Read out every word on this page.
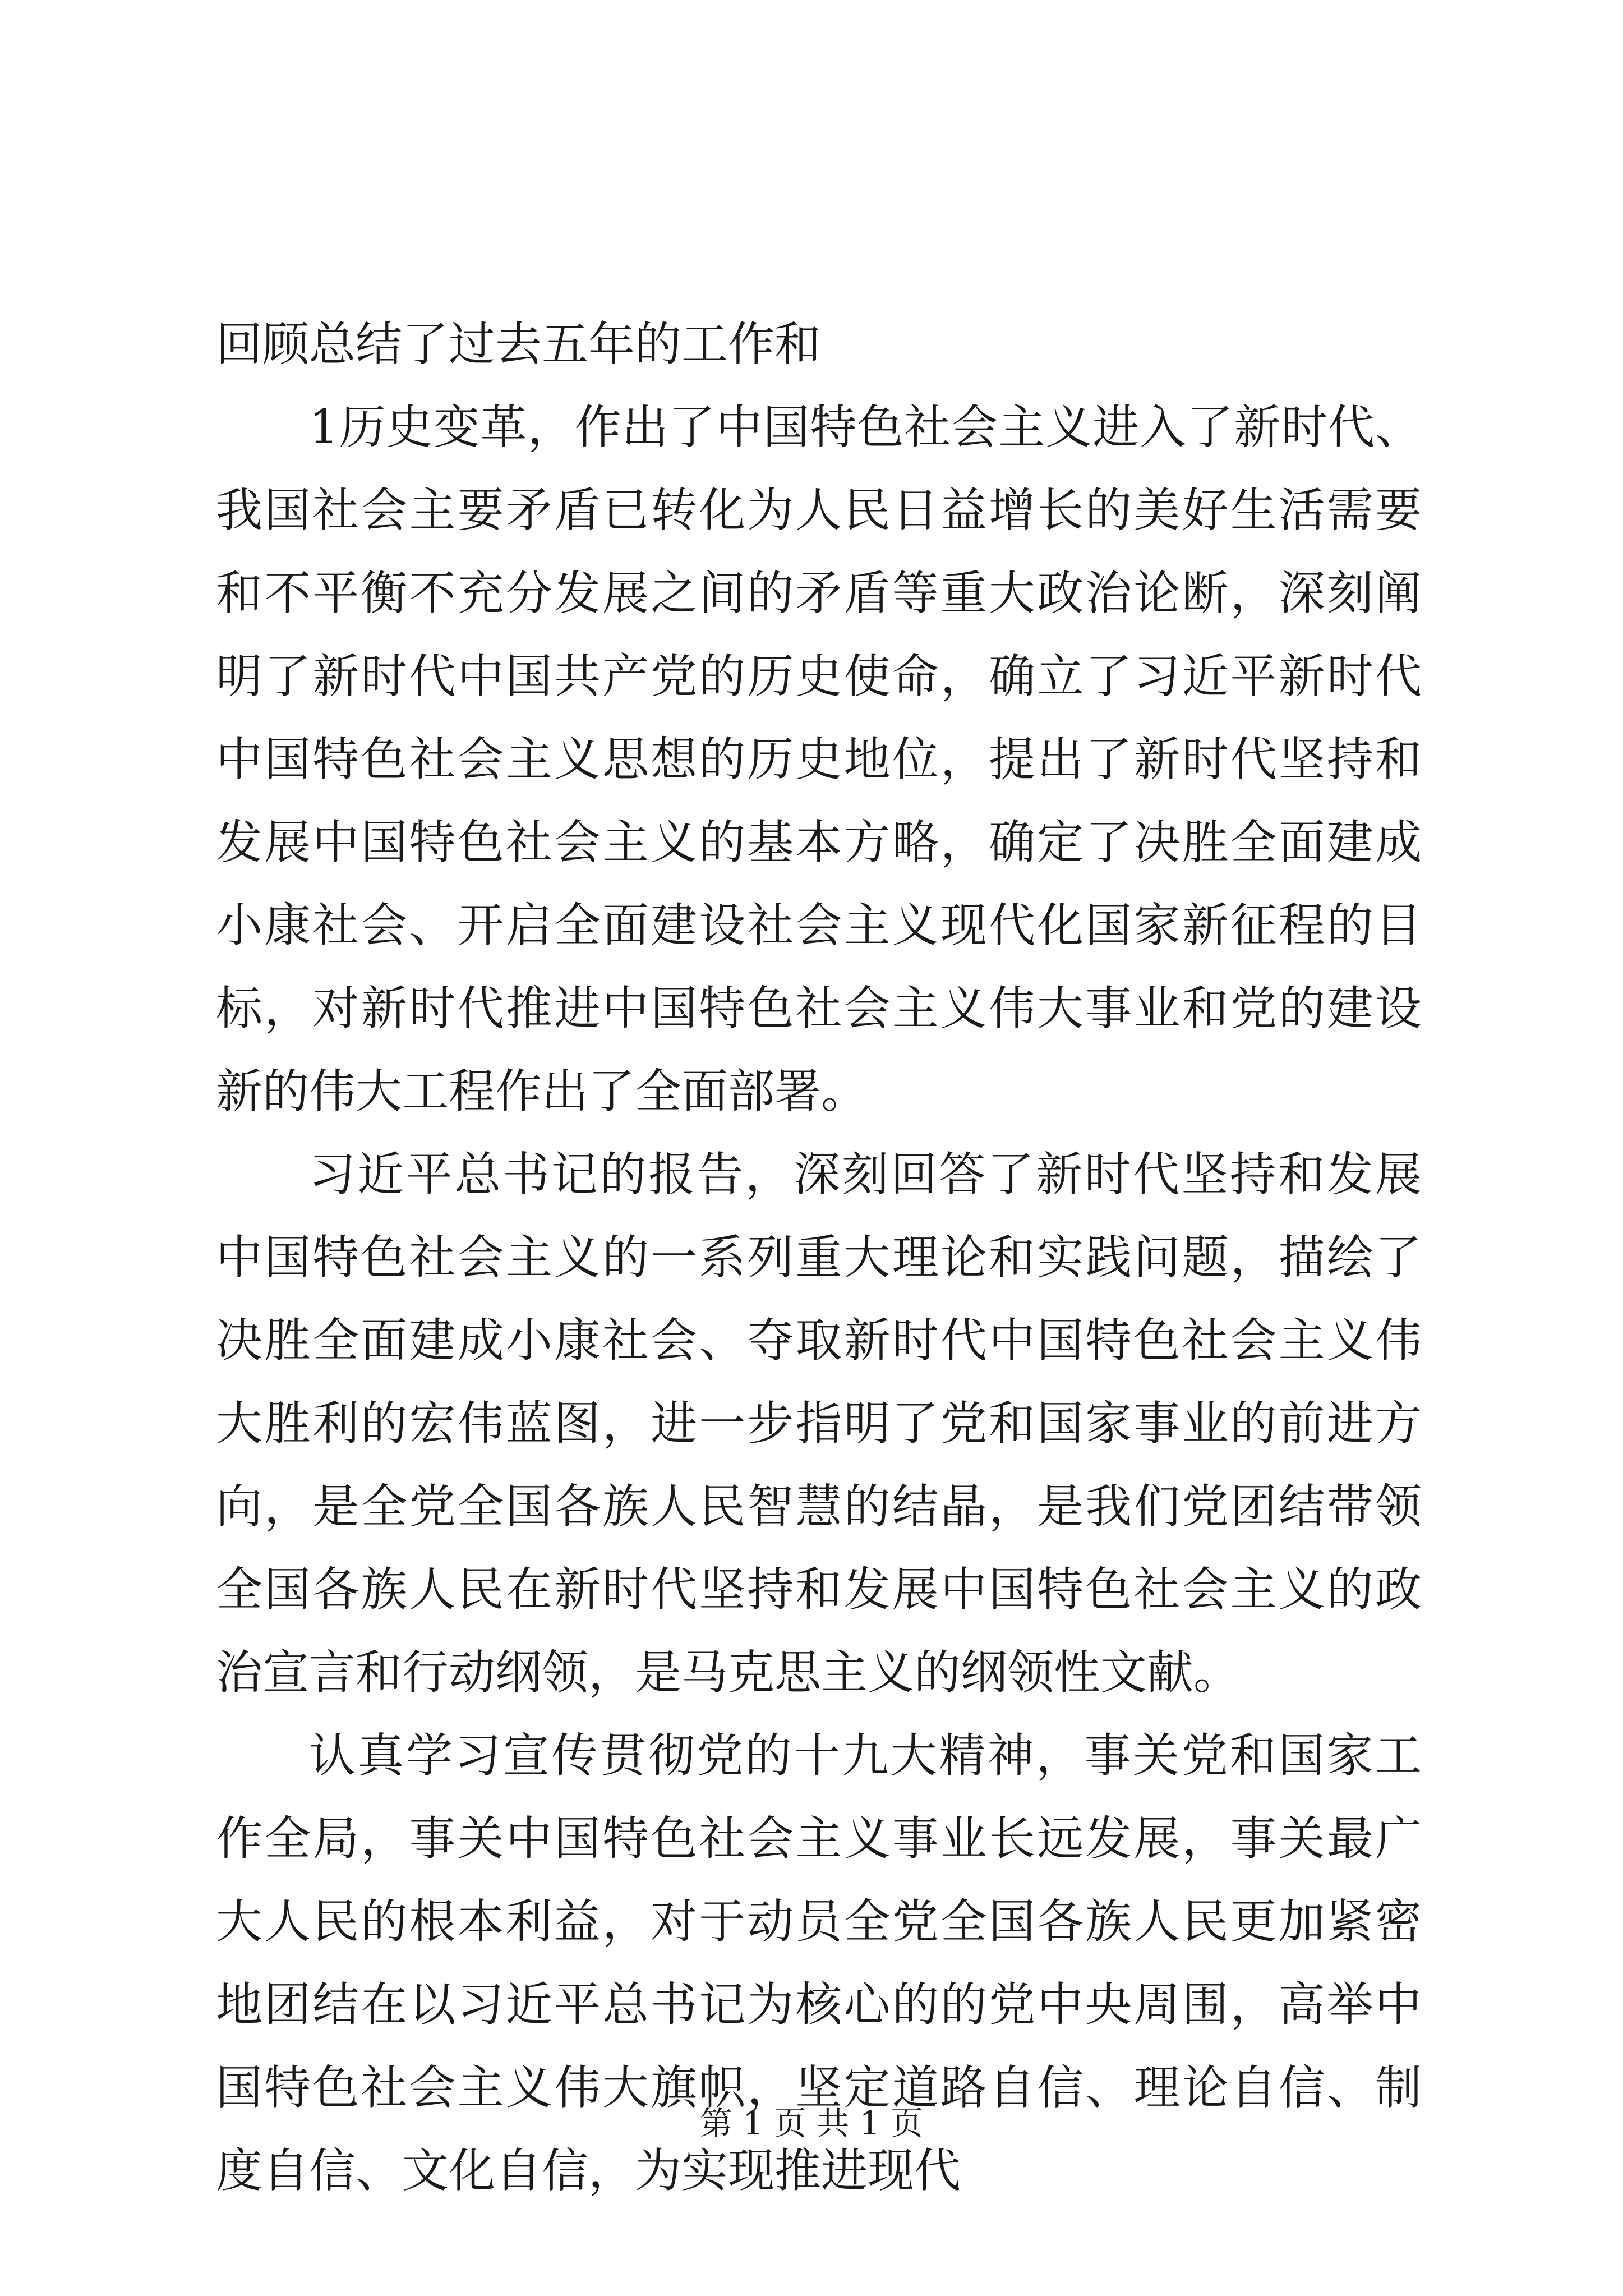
回顾总结了过去五年的工作和

1历史变革，作出了中国特色社会主义进入了新时代、我国社会主要矛盾已转化为人民日益增长的美好生活需要和不平衡不充分发展之间的矛盾等重大政治论断，深刻阐明了新时代中国共产党的历史使命，确立了习近平新时代中国特色社会主义思想的历史地位，提出了新时代坚持和发展中国特色社会主义的基本方略，确定了决胜全面建成小康社会、开启全面建设社会主义现代化国家新征程的目标，对新时代推进中国特色社会主义伟大事业和党的建设新的伟大工程作出了全面部署。

习近平总书记的报告，深刻回答了新时代坚持和发展中国特色社会主义的一系列重大理论和实践问题，描绘了决胜全面建成小康社会、夺取新时代中国特色社会主义伟大胜利的宏伟蓝图，进一步指明了党和国家事业的前进方向，是全党全国各族人民智慧的结晶，是我们党团结带领全国各族人民在新时代坚持和发展中国特色社会主义的政治宣言和行动纲领，是马克思主义的纲领性文献。

认真学习宣传贯彻党的十九大精神，事关党和国家工作全局，事关中国特色社会主义事业长远发展，事关最广大人民的根本利益，对于动员全党全国各族人民更加紧密地团结在以习近平总书记为核心的的党中央周围，高举中国特色社会主义伟大旗帜，坚定道路自信、理论自信、制度自信、文化自信，为实现推进现代

第 1 页 共 1 页
